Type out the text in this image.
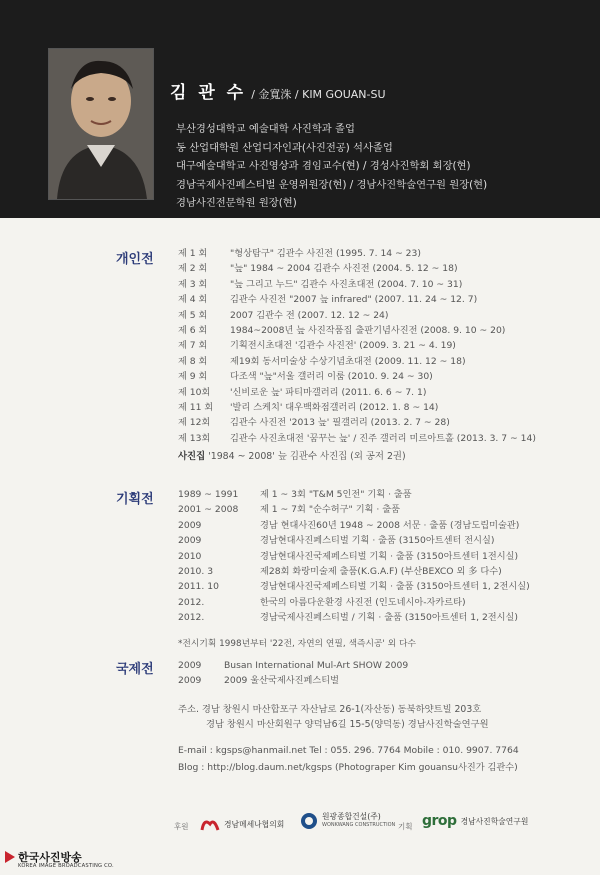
김 관 수 / 金寬洙 / KIM GOUAN-SU
부산경성대학교 예술대학 사진학과 졸업
동 산업대학원 산업디자인과(사진전공) 석사졸업
대구예술대학교 사진영상과 겸임교수(현) / 경성사진학회 회장(현)
경남국제사진페스티벌 운영위원장(현) / 경남사진학술연구원 원장(현)
경남사진전문학원 원장(현)
개인전	제 1 회	"형상탐구" 김관수 사진전 (1995. 7. 14 ~ 23)
제 2 회	"늪" 1984 ~ 2004 김관수 사진전 (2004. 5. 12 ~ 18)
제 3 회	"늪 그리고 누드" 김관수 사진초대전 (2004. 7. 10 ~ 31)
제 4 회	김관수 사진전 "2007 늪 infrared" (2007. 11. 24 ~ 12. 7)
제 5 회	2007 김관수 전 (2007. 12. 12 ~ 24)
제 6 회	1984~2008년 늪 사진작품집 출판기념사진전 (2008. 9. 10 ~ 20)
제 7 회	기획전시초대전 '김관수 사진전' (2009. 3. 21 ~ 4. 19)
제 8 회	제19회 동서미술상 수상기념초대전 (2009. 11. 12 ~ 18)
제 9 회	다조색 "늪"서울 갤러리 이룸 (2010. 9. 24 ~ 30)
제 10회 '신비로운 늪' 파티마갤러리 (2011. 6. 6 ~ 7. 1)
제 11 회 '발리 스케치' 대우백화점갤러리 (2012. 1. 8 ~ 14)
제 12회 김관수 사진전 '2013 늪' 필갤러리 (2013. 2. 7 ~ 28)
제 13회 김관수 사진초대전 '꿈꾸는 늪' / 진주 갤러리 미르아트홀 (2013. 3. 7 ~ 14)
사진집 '1984 ~ 2008' 늪 김관수 사진집 (외 공저 2권)
기획전	1989 ~ 1991	제 1 ~ 3회 "T&M 5인전" 기획 · 출품
2001 ~ 2008	제 1 ~ 7회 "순수허구" 기획 · 출품
2009	경남 현대사진60년 1948 ~ 2008 서문 · 출품 (경남도립미술관)
2009	경남현대사진페스티벌 기획 · 출품 (3150아트센터 전시실)
2010	경남현대사진국제페스티벌 기획 · 출품 (3150아트센터 1전시실)
2010. 3	제28회 화랑미술제 출품(K.G.A.F) (부산BEXCO 외 多 다수)
2011. 10	경남현대사진국제페스티벌 기획 · 출품 (3150아트센터 1, 2전시실)
2012.	한국의 아름다운환경 사진전 (인도네시아-자카르타)
2012.	경남국제사진페스티벌 / 기획 · 출품 (3150아트센터 1, 2전시실)
*전시기획 1998년부터 '22전, 자연의 연필, 색즉시공' 외 다수
국제전	2009	Busan International Mul-Art SHOW 2009
2009	2009 울산국제사진페스티벌
주소. 경남 창원시 마산합포구 자산남로 26-1(자산동) 동북하얏트빌 203호
경남 창원시 마산회원구 양덕남6길 15-5(양덕동) 경남사진학술연구원
E-mail : kgsps@hanmail.net Tel : 055. 296. 7764 Mobile : 010. 9907. 7764
Blog : http://blog.daum.net/kgsps (Photograper Kim gouansu사진가 김관수)
후원	경남메세나협의회
원광종합건설(주)
WONKWANG CONSTRUCTION 기획 grop 경남사진학술연구원
한국사진방송
KOREA IMAGE BROADCASTING CO.
